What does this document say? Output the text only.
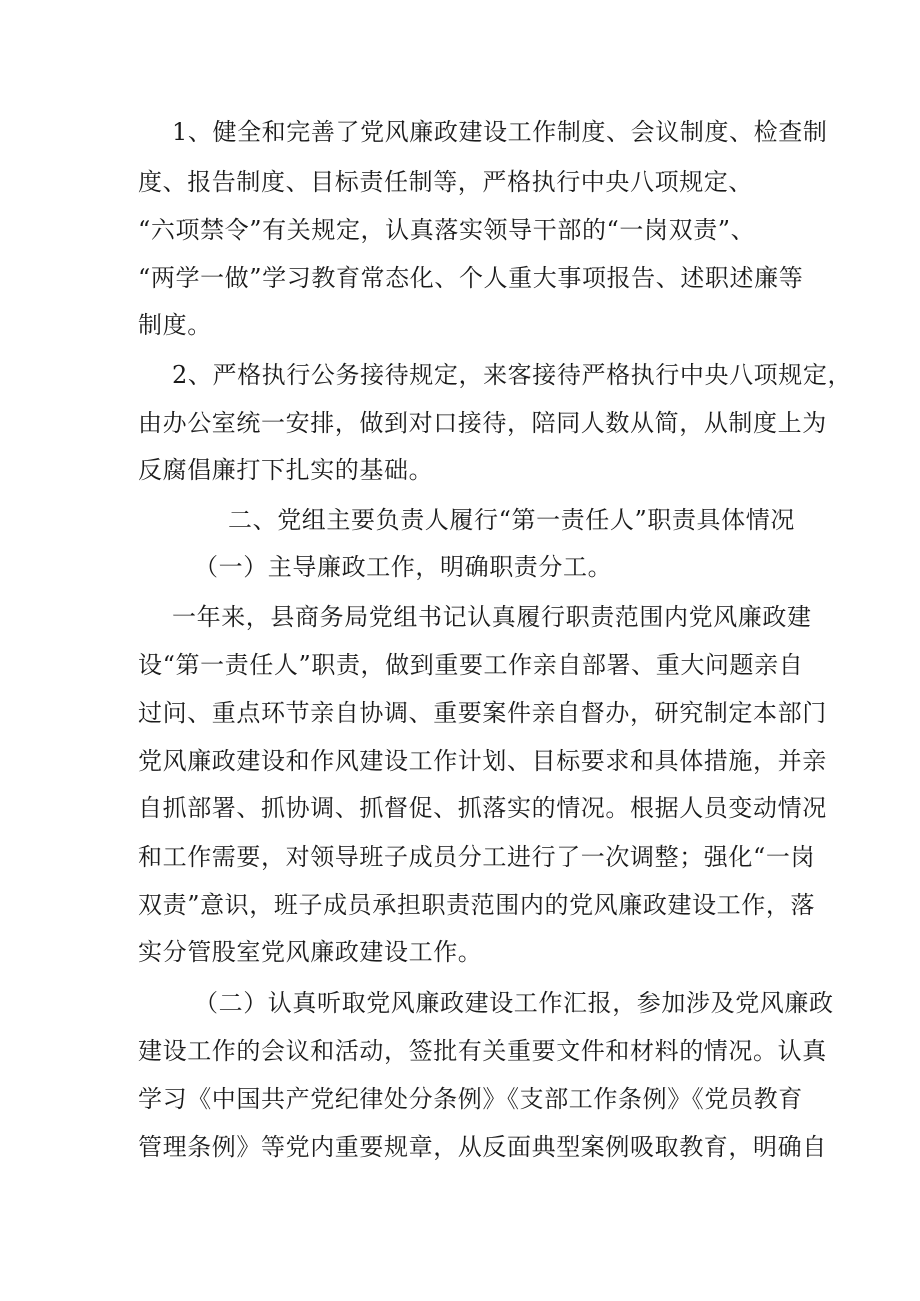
1、健全和完善了党风廉政建设工作制度、会议制度、检查制
度、报告制度、目标责任制等，严格执行中央八项规定、
“六项禁令”有关规定，认真落实领导干部的“一岗双责”、
“两学一做”学习教育常态化、个人重大事项报告、述职述廉等
制度。
2、严格执行公务接待规定，来客接待严格执行中央八项规定，
由办公室统一安排，做到对口接待，陪同人数从简，从制度上为
反腐倡廉打下扎实的基础。
二、党组主要负责人履行“第一责任人”职责具体情况
（一）主导廉政工作，明确职责分工。
一年来，县商务局党组书记认真履行职责范围内党风廉政建
设“第一责任人”职责，做到重要工作亲自部署、重大问题亲自
过问、重点环节亲自协调、重要案件亲自督办，研究制定本部门
党风廉政建设和作风建设工作计划、目标要求和具体措施，并亲
自抓部署、抓协调、抓督促、抓落实的情况。根据人员变动情况
和工作需要，对领导班子成员分工进行了一次调整；强化“一岗
双责”意识，班子成员承担职责范围内的党风廉政建设工作，落
实分管股室党风廉政建设工作。
（二）认真听取党风廉政建设工作汇报，参加涉及党风廉政
建设工作的会议和活动，签批有关重要文件和材料的情况。认真
学习《中国共产党纪律处分条例》《支部工作条例》《党员教育
管理条例》等党内重要规章，从反面典型案例吸取教育，明确自
